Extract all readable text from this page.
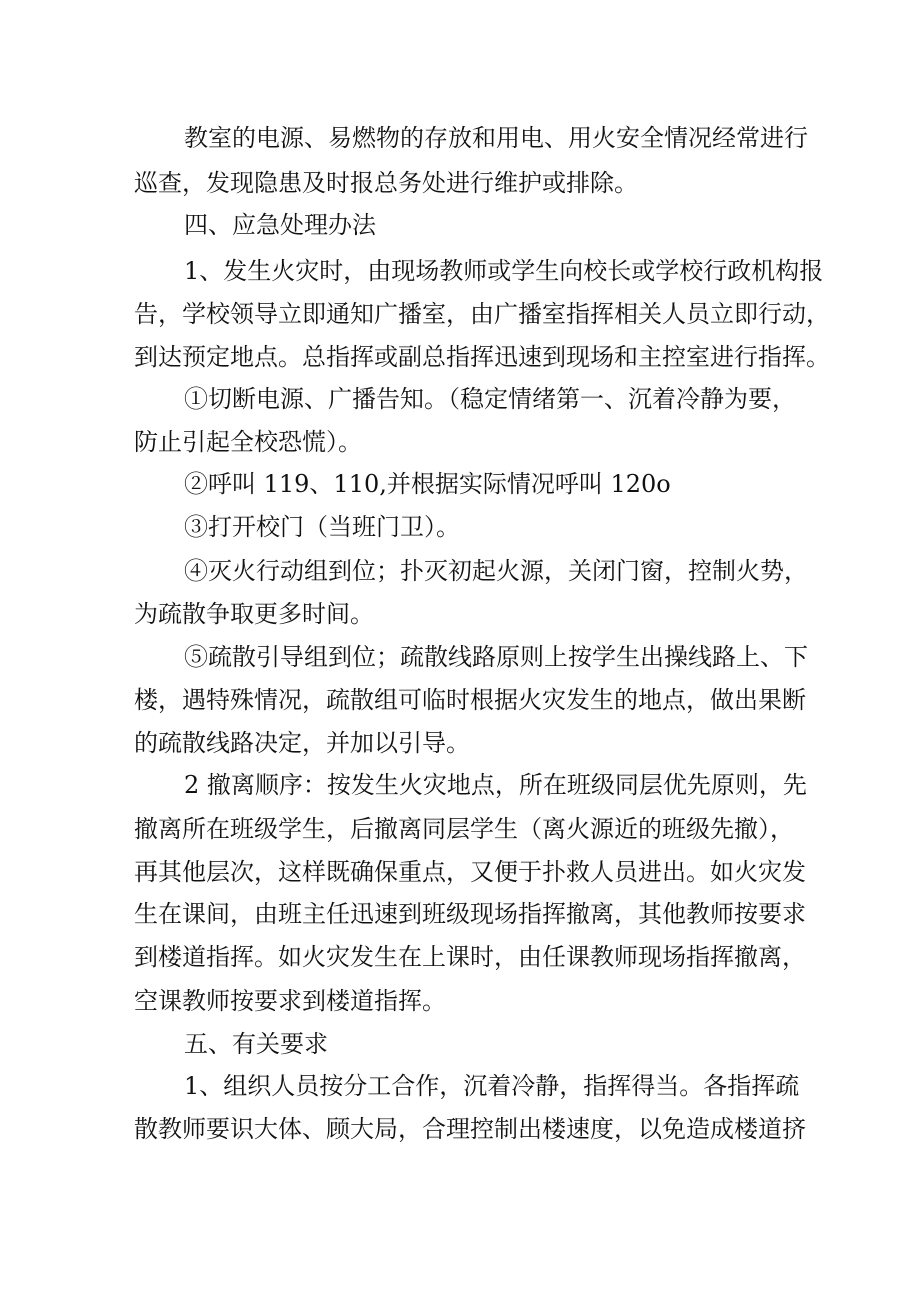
教室的电源、易燃物的存放和用电、用火安全情况经常进行

巡查，发现隐患及时报总务处进行维护或排除。

四、应急处理办法

1、发生火灾时，由现场教师或学生向校长或学校行政机构报

告，学校领导立即通知广播室，由广播室指挥相关人员立即行动，

到达预定地点。总指挥或副总指挥迅速到现场和主控室进行指挥。

①切断电源、广播告知。（稳定情绪第一、沉着冷静为要，

防止引起全校恐慌）。

②呼叫 119、110,并根据实际情况呼叫 120o

③打开校门（当班门卫）。

④灭火行动组到位；扑灭初起火源，关闭门窗，控制火势，

为疏散争取更多时间。

⑤疏散引导组到位；疏散线路原则上按学生出操线路上、下

楼，遇特殊情况，疏散组可临时根据火灾发生的地点，做出果断

的疏散线路决定，并加以引导。

2 撤离顺序：按发生火灾地点，所在班级同层优先原则，先

撤离所在班级学生，后撤离同层学生（离火源近的班级先撤），

再其他层次，这样既确保重点，又便于扑救人员进出。如火灾发

生在课间，由班主任迅速到班级现场指挥撤离，其他教师按要求

到楼道指挥。如火灾发生在上课时，由任课教师现场指挥撤离，

空课教师按要求到楼道指挥。

五、有关要求

1、组织人员按分工合作，沉着冷静，指挥得当。各指挥疏

散教师要识大体、顾大局，合理控制出楼速度，以免造成楼道挤
